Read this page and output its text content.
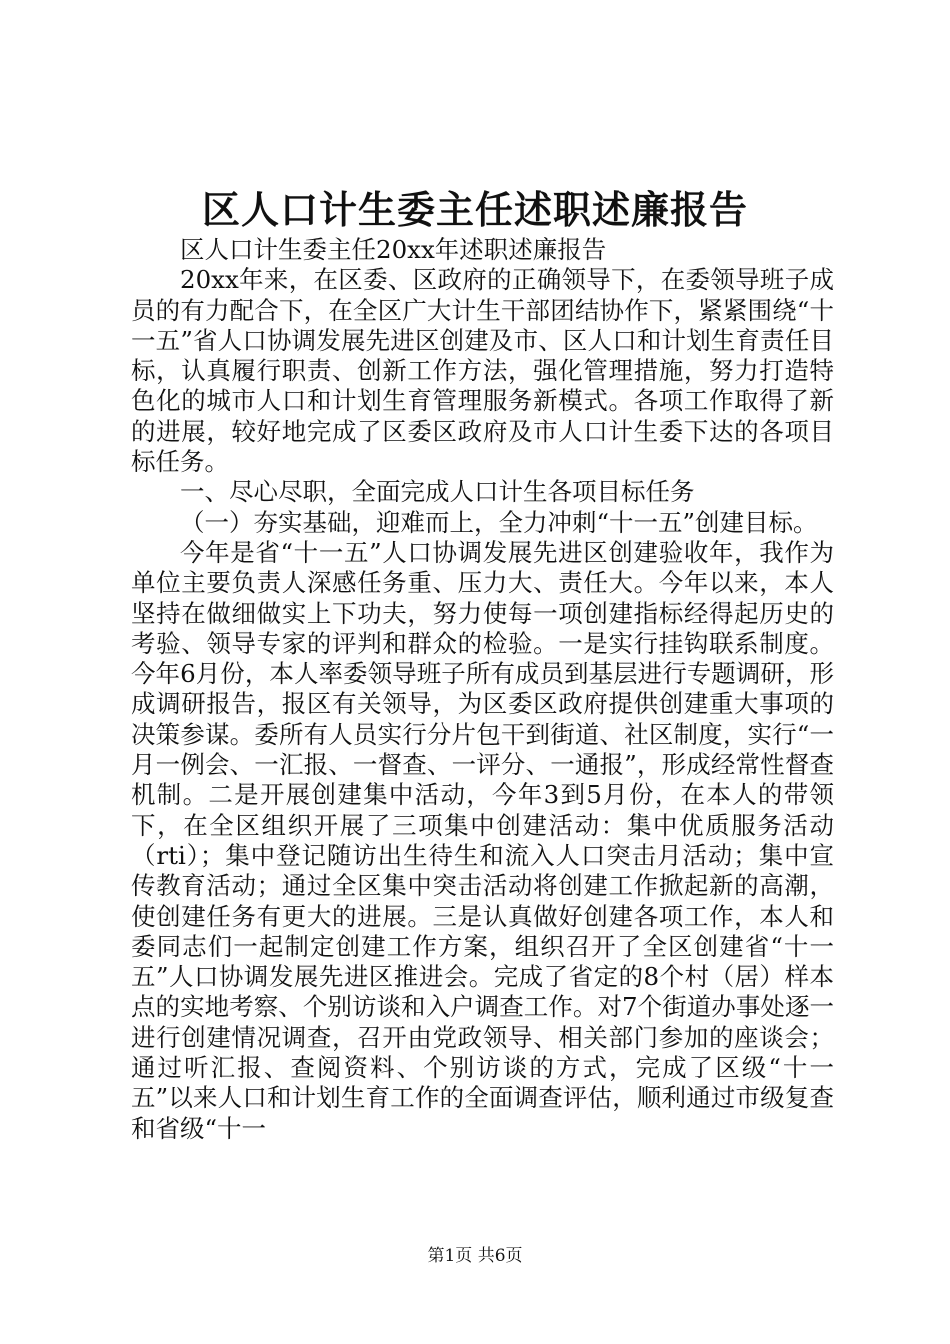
区人口计生委主任述职述廉报告

区人口计生委主任20xx年述职述廉报告

20xx年来，在区委、区政府的正确领导下，在委领导班子成员的有力配合下，在全区广大计生干部团结协作下，紧紧围绕“十一五”省人口协调发展先进区创建及市、区人口和计划生育责任目标，认真履行职责、创新工作方法，强化管理措施，努力打造特色化的城市人口和计划生育管理服务新模式。各项工作取得了新的进展，较好地完成了区委区政府及市人口计生委下达的各项目标任务。

一、尽心尽职，全面完成人口计生各项目标任务

（一）夯实基础，迎难而上，全力冲刺“十一五”创建目标。

今年是省“十一五”人口协调发展先进区创建验收年，我作为单位主要负责人深感任务重、压力大、责任大。今年以来，本人坚持在做细做实上下功夫，努力使每一项创建指标经得起历史的考验、领导专家的评判和群众的检验。一是实行挂钩联系制度。今年6月份，本人率委领导班子所有成员到基层进行专题调研，形成调研报告，报区有关领导，为区委区政府提供创建重大事项的决策参谋。委所有人员实行分片包干到街道、社区制度，实行“一月一例会、一汇报、一督查、一评分、一通报”，形成经常性督查机制。二是开展创建集中活动，今年3到5月份，在本人的带领下，在全区组织开展了三项集中创建活动：集中优质服务活动（rti）；集中登记随访出生待生和流入人口突击月活动；集中宣传教育活动；通过全区集中突击活动将创建工作掀起新的高潮，使创建任务有更大的进展。三是认真做好创建各项工作，本人和委同志们一起制定创建工作方案，组织召开了全区创建省“十一五”人口协调发展先进区推进会。完成了省定的8个村（居）样本点的实地考察、个别访谈和入户调查工作。对7个街道办事处逐一进行创建情况调查，召开由党政领导、相关部门参加的座谈会；通过听汇报、查阅资料、个别访谈的方式，完成了区级“十一五”以来人口和计划生育工作的全面调查评估，顺利通过市级复查和省级“十一

第1页 共6页
